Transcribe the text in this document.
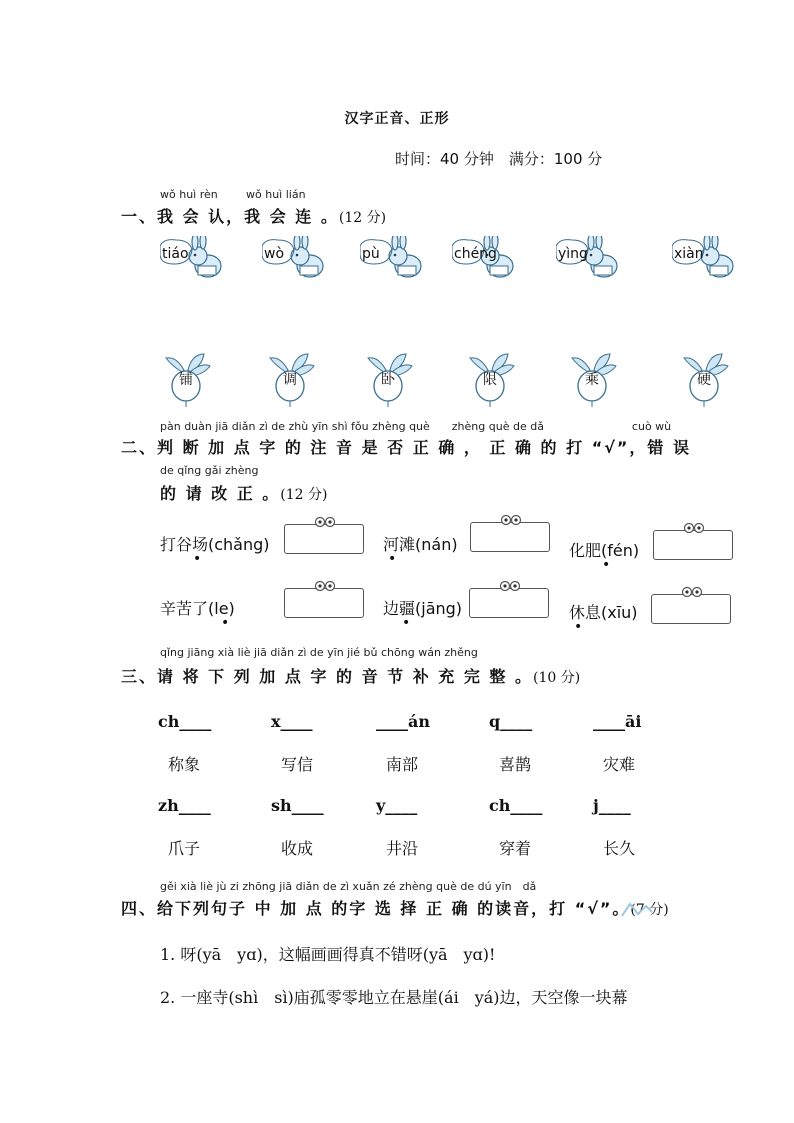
汉字正音、正形
时间：40 分钟　满分：100 分
wǒ huì rèn	wǒ huì lián
一、我 会 认，我 会 连 。(12 分)
tiáo	wò	pù	chéng	yìng	xiàn
铺	调	卧	限	乘	硬
pàn duàn jiā diǎn zì de zhù yīn shì fǒu zhèng què　　zhèng què de dǎ　　　　　　　　cuò wù
二、判 断 加 点 字 的 注 音 是 否 正 确 ， 正 确 的 打 “√”，错 误
de qǐng gǎi zhèng
的 请 改 正 。(12 分)
打谷场(chǎng)
•
河滩(nán)
•	化肥(fén)
•
辛苦了(le)
•
边疆(jāng)
•
休息(xīu)
•
qǐng jiāng xià liè jiā diǎn zì de yīn jié bǔ chōng wán zhěng
三、请 将 下 列 加 点 字 的 音 节 补 充 完 整 。(10 分)
ch____	x____	____án	q____	____āi
称象	写信	南部	喜鹊	灾难
zh____	sh____	y____	ch____	j____
爪子	收成	井沿	穿着	长久
gěi xià liè jù zi zhōng jiā diǎn de zì xuǎn zé zhèng què de dú yīn　dǎ
四、给下列句子 中 加 点 的字 选 择 正 确 的读音，打 “√”。(7 分)
1. 呀(yā　yɑ)，这幅画画得真不错呀(yā　yɑ)!
2. 一座寺(shì　sì)庙孤零零地立在悬崖(ái　yá)边，天空像一块幕
